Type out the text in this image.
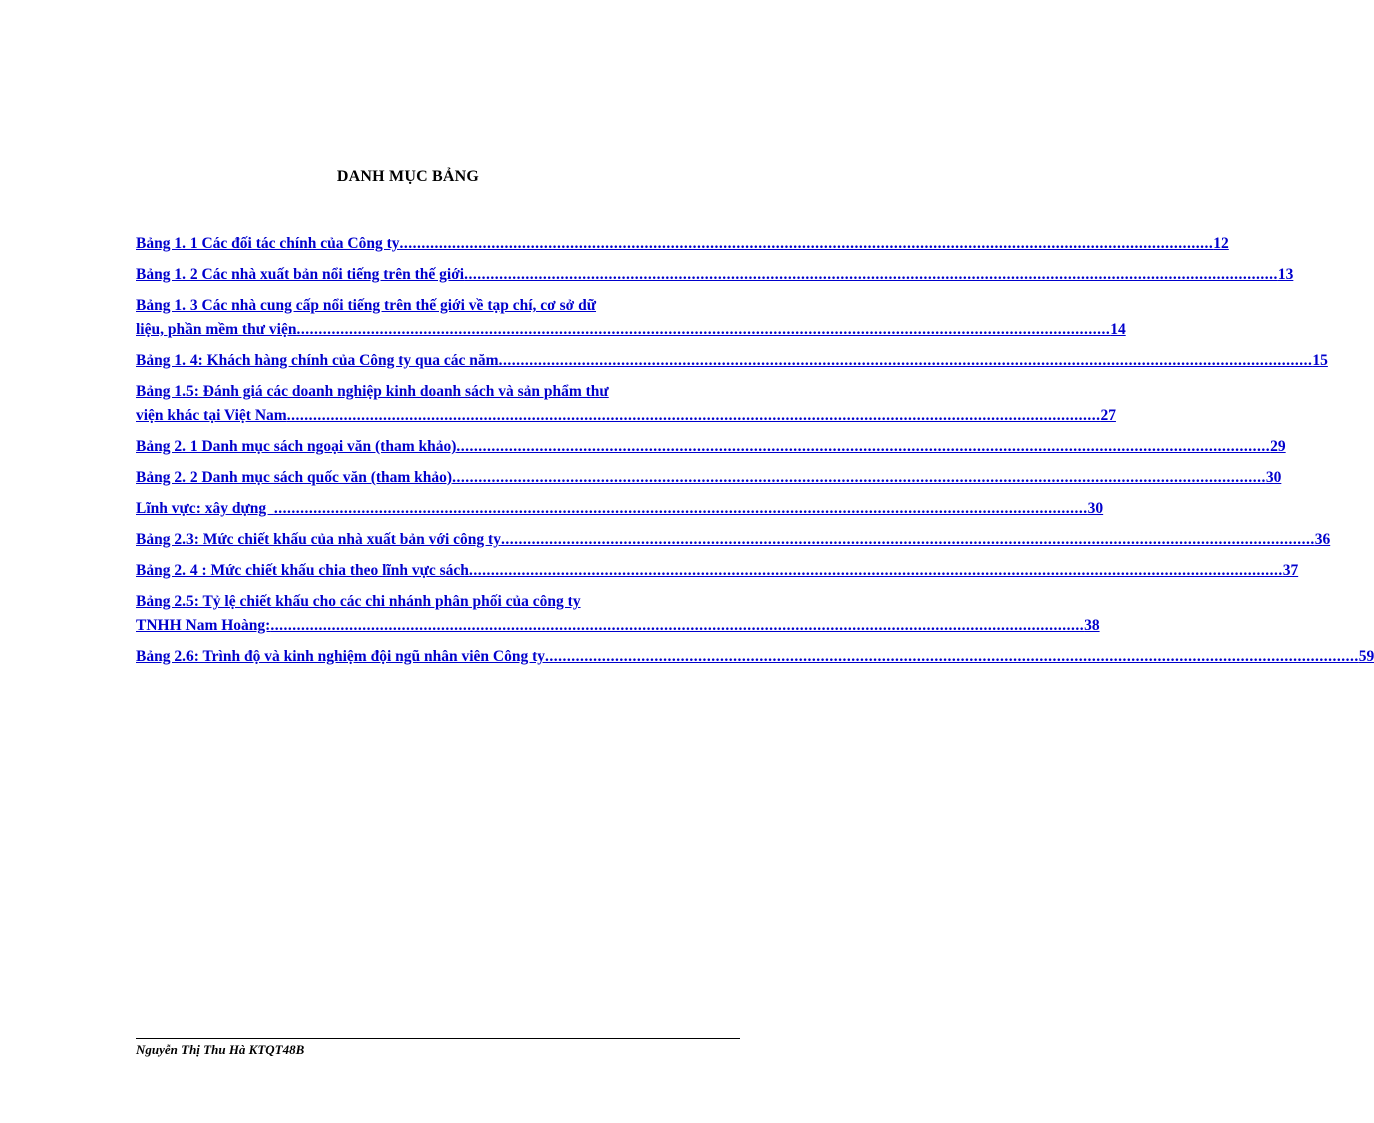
DANH MỤC BẢNG
Bảng 1. 1 Các đối tác chính của Công ty .......................................................................................................................................................................................... 12
Bảng 1. 2 Các nhà xuất bản nổi tiếng trên thế giới .......................................................................................................................................................................................... 13
Bảng 1. 3 Các nhà cung cấp nổi tiếng trên thế giới về tạp chí, cơ sở dữ
liệu, phần mềm thư viện .......................................................................................................................................................................................... 14
Bảng 1. 4: Khách hàng chính của Công ty qua các năm .......................................................................................................................................................................................... 15
Bảng 1.5: Đánh giá các doanh nghiệp kinh doanh sách và sản phẩm thư
viện khác tại Việt Nam .......................................................................................................................................................................................... 27
Bảng 2. 1 Danh mục sách ngoại văn (tham khảo) .......................................................................................................................................................................................... 29
Bảng 2. 2 Danh mục sách quốc văn (tham khảo) .......................................................................................................................................................................................... 30
Lĩnh vực: xây dựng .......................................................................................................................................................................................... 30
Bảng 2.3: Mức chiết khấu của nhà xuất bản với công ty .......................................................................................................................................................................................... 36
Bảng 2. 4 : Mức chiết khấu chia theo lĩnh vực sách .......................................................................................................................................................................................... 37
Bảng 2.5: Tỷ lệ chiết khấu cho các chi nhánh phân phối của công ty
TNHH Nam Hoàng: .......................................................................................................................................................................................... 38
Bảng 2.6: Trình độ và kinh nghiệm đội ngũ nhân viên Công ty .......................................................................................................................................................................................... 59
Nguyễn Thị Thu Hà KTQT48B
